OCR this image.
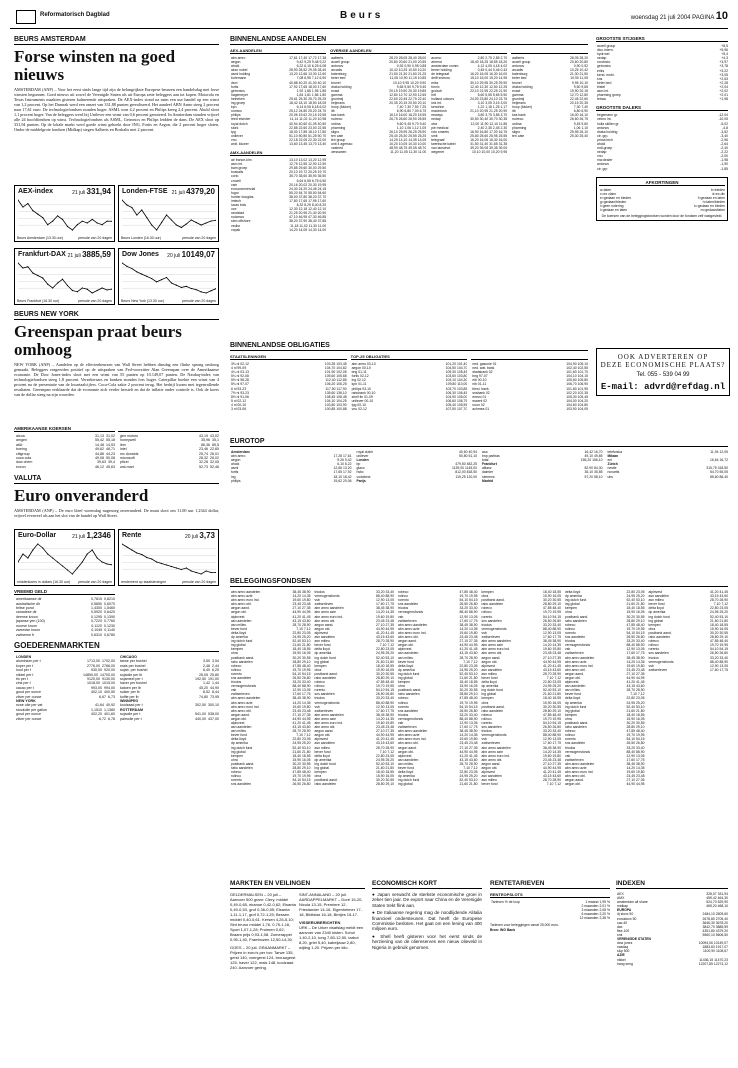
Reformatorisch Dagblad	Beurs	woensdag 21 juli 2004 PAGINA 10
BEURS AMSTERDAM
Forse winsten na goed nieuws
AMSTERDAM (ANP) – Voor het eerst sinds lange tijd zijn de belangrijkste Europese beurzen een handelsdag met forse winsten begonnen. Goed nieuws uit zowel de Verenigde Staten als uit Europa zette beleggers aan tot kopen. Motorola en Texas Instruments maakten gisteren kalmerende uitspraken. De AEX-index stond na ruim een uur handel op een winst van 1,2 procent. Op het Damrak werd een omzet van 331,88 punten gerealiseerd. Het aandeel ABN Amro steeg 2 procent naar 17,61 euro. De technologiefondsen stonden hoger. ASML won 4,2 procent en Philips kreeg 2,4 procent. Ahold sloot 1,1 procent hoger. Van de beleggers werd bij Unilever een winst van 0,6 procent genoteerd. In Amsterdam stonden vrijwel alle 24 hoofdfondsen op winst. Technologiefondsen als ASML, Getronics en Philips leidden de dans. De AEX sloot op 331,94 punten. Op de lokale markt werd goede winst geboekt door ING, Fortis en Aegon, die 2 procent hoger sloten. Onder de middelgrote fondsen (Midkap) stegen Aalberts en Boskalis met 2 procent.
AEX-index	21 juli 331,94
Beurs Amsterdam (13.30 uur)	periode van 20 dagen
Londen-FTSE 21 juli 4379,20
Beurs Londen (16.30 uur)	periode van 20 dagen
Frankfurt-DAX 21 juli 3885,59
Beurs Frankfurt (16.30 uur)	periode van 20 dagen
Dow Jones 20 juli 10149,07
Beurs New York (13.30 uur)	periode van 20 dagen
BEURS NEW YORK
Greenspan praat beurs omhoog
NEW YORK (ANP) – Aandelen op de effectenbeurzen van Wall Street hebben dinsdag een flinke sprong omhoog gemaakt. Beleggers reageerden positief op de uitspraken van Fed-voorzitter Alan Greenspan over de Amerikaanse economie. De Dow Jones-index sloot met een winst van 55 punten op 10.149,07 punten. De Nasdaq-index van technologiefondsen steeg 1,8 procent. Verzekeraars en banken stonden fors hoger. Caterpillar boekte een winst van 4 procent na de presentatie van de kwartaalcijfers. Coca-Cola zakte 2 procent terug. Het bedrijf kwam met tegenvallende resultaten. Greenspan verklaarde dat de economie zich verder herstelt en dat de inflatie onder controle is. Ook de koers van de dollar steeg na zijn woorden.
AMERIKAANSE KOERSEN
alcoa	31,13 31,02
amgen	55,42 55,18
at&t	14,48 14,53
boeing	49,62 48,71
citigroup	44,86 44,23
coca cola	49,08 50,08
dow chem	39,63 39,4
exxon	46,12 45,63

gen motors	43,19 43,02
honeywell	35,96 35,1
ibm	86,36 85,5
intel	23,46 22,65
mc donalds	25,74 26,01
microsoft	28,32 28,02
pfizer	32,28 32,05
wal-mart	52,73 52,46
VALUTA
Euro onveranderd
AMSTERDAM (ANP) – De euro bleef woensdag nagenoeg onveranderd. De munt sloot om 11.00 uur 1,2344 dollar, vrijwel evenveel als aan het slot van de handel op Wall Street.
Euro-Dollar	21 juli 1,2346
middenkoers in dollars (16.30 uur) periode van 20 dagen
Rente	20 juli 3,73
rendement op staatsleningen	periode van 20 dagen
VREEMD GELD
amerikaanse dlr	0,7815 0,8210
australische dlr	0,5650 0,6070
britse pond	1,4300 1,5460
canadese dlr	0,5920 0,6420
deense kroon	0,1295 0,1390
japanse yen (100)	0,7220 0,7760
noorse kroon	0,1120 0,1230
zweedse kroon	0,1045 0,1140
zwitserse fr	0,6310 0,6780
GOEDERENMARKTEN
LONDEN
aluminium per t	1713,00 1702,00
koper per t	2776,00 2766,00
lood per t	930,00 920,00
nikkel per t	14850,00 14700,00
tin per t	9120,00 9130,00
zink per t	1018,00 1015,00
cacao per t	993,00 994,00
goud per ounce	402,10 400,50
zilver per ounce	6,67 6,73
NEW YORK
ruwe olie per vat	41,64 40,92
stookolie per gallon	1,1510 1,1380
goud per ounce	402,20 401,60
zilver per ounce	6,72 6,78
CHICAGO
tarwe per bushel	3,50 3,54
mais per bushel	2,46 2,44
sojab. per bushel	6,40 6,25
sojaolie per lb	26,05 25,80
sojameel per t	192,50 191,00
haver per bushel	1,42 1,44
katoen per lb	45,20 44,90
suiker per lb	8,52 8,44
koffie per lb	74,80 73,95
WINNIPEG
koolzaad per t	302,50 300,10
ROTTERDAM
sojaolie per t	541,00 538,00
palmolie per t	440,00 437,00
BINNENLANDSE AANDELEN
AEX-AANDELEN
abn amro	17,61 17,40 17,72 17,38
aegon	9,42 9,25 9,48 9,22
ahold	6,22 6,10 6,25 6,08
akzo nobel	28,90 28,52 29,05 28,40
asml holding	13,20 12,66 13,30 12,60
buhrmann	7,08 6,95 7,12 6,90
dsm	40,88 40,20 41,00 40,10
fortis	17,92 17,65 18,00 17,60
getronics	1,92 1,86 1,95 1,85
hagemeyer	1,84 1,81 1,86 1,80
heineken	25,61 25,30 25,70 25,25
ing groep	18,42 18,10 18,50 18,05
kpn	6,14 6,05 6,18 6,02
numico	25,12 24,80 25,20 24,70
philips	20,06 19,62 20,15 19,55
reed elsevier	11,14 11,02 11,20 10,98
royal dutch	40,94 40,60 41,05 40,50
stork	22,85 22,60 23,00 22,55
tpg	18,00 17,85 18,10 17,80
unilever	51,10 50,80 51,25 50,70
vnu	22,18 22,05 22,30 22,00
wolt. kluwer	13,60 13,45 13,70 13,40
AMX-AANDELEN
air france-klm	13,10 13,02 13,20 12,95
asm int.	12,75 12,55 12,90 12,50
bam groep	29,85 29,60 30,00 29,50
boskalis	20,10 19,72 20,25 19,70
corio	35,70 35,60 35,90 35,50
crucell	6,64 6,55 6,75 6,50
csm	20,16 20,02 20,30 19,95
eurocommercial	24,30 24,20 24,45 24,15
fugro	55,20 54,70 55,50 54,60
hunter douglas	38,00 37,80 38,20 37,70
imtech	17,80 17,65 17,95 17,60
lucas bols	8,32 8,25 8,40 8,20
oce	12,30 12,18 12,40 12,10
randstad	21,25 20,95 21,40 20,90
rodamco	47,10 46,95 47,30 46,85
sbm offshore	38,20 37,90 38,40 37,85
vedior	11,18 11,02 11,30 11,00
vopak	14,20 14,05 14,30 14,00
OVERIGE AANDELEN
aalberts	28,20 28,05 28,40 28,00
accell group	20,80 20,60 21,00 20,55
antonov	0,92 0,90 0,95 0,88
arcadis	10,42 10,25 10,50 10,20
batenburg	21,50 21,30 21,60 21,25
beter bed	11,05 10,90 11,15 10,85
brunel	10,10 9,95 10,20 9,90
draka holding	9,65 9,50 9,75 9,45
exact	20,15 19,90 20,30 19,85
gamma	12,80 12,70 12,90 12,65
grontmij	22,60 22,45 22,75 22,40
heijmans	20,35 20,15 20,50 20,10
hoop (fokker)	7,40 7,30 7,50 7,25
itb	6,90 6,80 7,00 6,75
kas bank	16,10 16,00 16,20 15,95
nutreco	26,75 26,60 26,90 26,55
ordina	9,60 9,45 9,70 9,40
pharming	1,10 1,06 1,12 1,05
sligro	26,10 25,95 26,25 25,90
ten cate	25,40 25,30 25,55 25,25
tkh group	14,25 14,10 14,35 14,05
unit 4 agresso	10,20 10,05 10,30 10,00
vastned	48,90 48,75 49,05 48,70
wessanen	11,20 11,05 11,30 11,00

acomo	2,80 2,75 2,85 2,70
ahrend	18,40 18,25 18,55 18,20
amsterdam comm.	4,12 4,05 4,18 4,02
bever holding	0,45 0,44 0,46 0,43
de telegraaf	16,20 16,05 16,30 16,00
delft instrum.	15,10 15,00 15,20 14,95
eriks	30,10 29,95 30,25 29,90
fornix	12,40 12,30 12,50 12,25
grolsch	22,10 21,95 22,25 21,90
hitt	5,60 5,55 5,65 5,50
holland colours	24,00 23,80 24,10 23,75
icts int.	3,10 3,05 3,15 3,00
kendrion	1,22 1,18 1,25 1,17
macintosh	21,10 20,95 21,25 20,90
neways	3,80 3,75 3,85 3,70
nedap	30,50 30,40 30,70 30,35
otra	12,00 11,90 12,10 11,85
pie medical	2,40 2,35 2,45 2,30
roto smeets	16,90 16,80 17,00 16,75
smit	25,80 25,60 25,95 25,55
telegraaf	16,20 16,05 16,30 16,00
twentsche kabel	31,50 31,40 31,65 31,35
van lanschot	39,20 39,05 39,35 39,00
wegener	10,10 10,00 10,20 9,95

aalberts	28,05 28,20
accell group	20,60 20,80
antonov	0,90 0,92
arcadis	10,25 10,42
batenburg	21,30 21,50
beter bed	10,90 11,05
brunel	9,95 10,10
draka holding	9,50 9,65
exact	19,90 20,15
gamma	12,70 12,80
grontmij	22,45 22,60
heijmans	20,15 20,35
hoop (fokker)	7,30 7,40
itb	6,80 6,90
kas bank	16,00 16,10
nutreco	26,60 26,75
ordina	9,45 9,60
pharming	1,06 1,10
sligro	25,95 26,10
ten cate	25,30 25,40
GROOTSTE STIJGERS
accell group	+8,5
dico intern.	+5,96
hydr.wel	+5,4
nedap	+4,3
roodmicr.	+3,97
getronics	+3,78
eriks	+3,22
kend. mobi.	+3,05
sns	+2,63
beter bed	+2,28
tristel	+2,04
asm int.	+2,02
pharming groep	+2,01
tetraa	+1,98
GROOTSTE DALERS
begemann gr.	-12,04
velcro int.	-10,05
holla skillen gr.	-5,02
antonov	-4,8
draka holding	-3,52
ctr. grp.	-3,40
prima tech	-2,96
ahold	-2,64
mdl-groep	-2,40
nedap	-2,22
vnu	-2,00
mw.dealer	-1,98
antonov	-1,90
ctr. grp	-1,85
AFKORTINGEN
a=laten	b=bieden
c=ex claim	d=ex-div
e=gedaan en bieden	f=gedaan en laten
g=gedaan/bieden	h=laten/bieden
i=geen notering	k=gedaan en bieden
l=gedaan en laten	m=gedaan/laten
De koersen van de beleggingsfondsen worden door de fondsen zelf vastgesteld.
OOK ADVERTEREN OP
DEZE ECONOMISCHE PLAATS?
Tel. 055 - 539 04 99
E-mail: advrd@refdag.nl
BINNENLANDSE OBLIGATIES
STAATSLENINGEN
3¾ nl 02-12	103,35 103,45
4 nl 99-09	104,70 104,82
4¼ nl 03-13	101,90 102,05
5¼ nl 92-08	105,60 105,68
5½ nl 98-28	112,40 112,85
5¾ nl 97-07	106,20 106,25
6 nl 93-23	117,50 117,90
7½ nl 93-23	135,60 136,10
8½ nl 91-06	108,45 108,48
5 nl 02-12	104,10 104,25
4 nl 00-10	103,80 103,90
3 nl 03-06	100,85 100,88
TOP-25 OBLIGATIES
abn amro 03-13	101,20 101,40
aegon 00-10	104,50 104,70
bng 01-11	105,30 105,45
fortis 02-12	103,60 103,80
ing 02-12	104,10 104,30
kpn 01-11	109,80 110,00
philips 03-10	103,70 103,85
rabobank 00-10	106,30 106,45
shell fin 01-09	104,90 105,00
unilever 00-10	106,60 106,75
tpg 00-10	105,40 105,55
vnu 02-12	107,50 107,70

ned. gasunie 01	104,90 105,10
ned. wat. bank	102,40 102,55
stadsbank 02	101,60 101,70
bng 97-07	104,10 104,15
eib 00-10	105,60 105,80
nib 01-11	106,70 106,90
friesl. bank	101,80 101,95
snsbank 02	102,20 102,35
eneco 01	105,30 105,45
essent 02	104,00 104,20
nuon 02	104,60 104,80
achmea 01	103,90 104,05
EUROTOP
Amsterdam
abn amro	17,28 17,61
aegon	9,26 9,42
ahold	6,10 6,22
asml	12,66 13,20
fortis	17,65 17,92
ing	18,10 18,42
philips	19,62 20,06
royal dutch	40,60 40,94
unilever	50,80 51,10
Londen
bp	479,50 482,25
glaxo	1139,00 1145,00
hsbc	812,00 818,50
vodafone	119,25 120,00
Parijs
axa	16,42 16,70
bnp paribas	49,10 49,85
total	155,20 156,10
Frankfurt
allianz	82,90 84,30
daimler	35,10 35,85
siemens	57,20 58,10
Madrid
telefonica	11,94 12,05
Milaan
eni	16,64 16,72
Zürich
nestle	315,75 318,50
novartis	54,70 55,05
ubs	85,60 86,40
BELEGGINGSFONDSEN
abn amro aandelen	38,45 38,90
abn amro azie	14,20 14,35
abn amro euro ind.	19,60 19,80
abn amro obl.	23,45 23,48
aegon aand.	27,10 27,35
aegon obl.	44,90 44,95
alpinvest	41,20 41,45
asn aandelen	43,15 43,60
asn milieu	28,70 28,90
bever fund	7,10 7,12
delta lloyd	22,80 23,05
dp amerika	24,95 25,20
ing dutch fund	52,40 53,10
ing global	21,60 21,80
kempen	18,40 18,55
ohra	15,90 16,05
postbank aand.	30,20 30,55
rabo aandelen	28,80 29,10
robeco	47,85 48,40
rolinco	19,70 19,95
rorento	54,10 54,15
sns aandelen	26,50 26,80
triodos	33,20 33,40
vermogensfonds	88,40 88,90
vsb	12,90 13,05
zwitserleven	17,60 17,75
abn amro aandelen	38,45 38,90
abn amro azie	14,20 14,35
abn amro euro ind.	19,60 19,80
abn amro obl.	23,45 23,48
aegon aand.	27,10 27,35
aegon obl.	44,90 44,95
alpinvest	41,20 41,45
asn aandelen	43,15 43,60
asn milieu	28,70 28,90
bever fund	7,10 7,12
delta lloyd	22,80 23,05
dp amerika	24,95 25,20
ing dutch fund	52,40 53,10
ing global	21,60 21,80
kempen	18,40 18,55
ohra	15,90 16,05
postbank aand.	30,20 30,55
rabo aandelen	28,80 29,10
robeco	47,85 48,40
rolinco	19,70 19,95
rorento	54,10 54,15
sns aandelen	26,50 26,80
triodos	33,20 33,40
vermogensfonds	88,40 88,90
vsb	12,90 13,05
zwitserleven	17,60 17,75
abn amro aandelen	38,45 38,90
abn amro azie	14,20 14,35
abn amro euro ind.	19,60 19,80
abn amro obl.	23,45 23,48
aegon aand.	27,10 27,35
aegon obl.	44,90 44,95
alpinvest	41,20 41,45
asn aandelen	43,15 43,60
asn milieu	28,70 28,90
bever fund	7,10 7,12
delta lloyd	22,80 23,05
dp amerika	24,95 25,20
ing dutch fund	52,40 53,10
ing global	21,60 21,80
kempen	18,40 18,55
ohra	15,90 16,05
postbank aand.	30,20 30,55
rabo aandelen	28,80 29,10
robeco	47,85 48,40
rolinco	19,70 19,95
rorento	54,10 54,15
sns aandelen	26,50 26,80
triodos	33,20 33,40
vermogensfonds	88,40 88,90
vsb	12,90 13,05
zwitserleven	17,60 17,75
abn amro aandelen	38,45 38,90
abn amro azie	14,20 14,35
abn amro euro ind.	19,60 19,80
abn amro obl.	23,45 23,48
aegon aand.	27,10 27,35
aegon obl.	44,90 44,95
alpinvest	41,20 41,45
asn aandelen	43,15 43,60
asn milieu	28,70 28,90
bever fund	7,10 7,12
delta lloyd	22,80 23,05
dp amerika	24,95 25,20
ing dutch fund	52,40 53,10
ing global	21,60 21,80
kempen	18,40 18,55
ohra	15,90 16,05
postbank aand.	30,20 30,55
rabo aandelen	28,80 29,10
robeco	47,85 48,40
rolinco	19,70 19,95
rorento	54,10 54,15
sns aandelen	26,50 26,80
triodos	33,20 33,40
vermogensfonds	88,40 88,90
vsb	12,90 13,05
zwitserleven	17,60 17,75
abn amro aandelen	38,45 38,90
abn amro azie	14,20 14,35
abn amro euro ind.	19,60 19,80
abn amro obl.	23,45 23,48
aegon aand.	27,10 27,35
aegon obl.	44,90 44,95
alpinvest	41,20 41,45
asn aandelen	43,15 43,60
asn milieu	28,70 28,90
bever fund	7,10 7,12
delta lloyd	22,80 23,05
dp amerika	24,95 25,20
ing dutch fund	52,40 53,10
ing global	21,60 21,80
kempen	18,40 18,55
ohra	15,90 16,05
postbank aand.	30,20 30,55
rabo aandelen	28,80 29,10
robeco	47,85 48,40
rolinco	19,70 19,95
rorento	54,10 54,15
sns aandelen	26,50 26,80
triodos	33,20 33,40
vermogensfonds	88,40 88,90
vsb	12,90 13,05
zwitserleven	17,60 17,75
abn amro aandelen	38,45 38,90
abn amro azie	14,20 14,35
abn amro euro ind.	19,60 19,80
abn amro obl.	23,45 23,48
aegon aand.	27,10 27,35
aegon obl.	44,90 44,95
alpinvest	41,20 41,45
asn aandelen	43,15 43,60
asn milieu	28,70 28,90
bever fund	7,10 7,12
delta lloyd	22,80 23,05
dp amerika	24,95 25,20
ing dutch fund	52,40 53,10
ing global	21,60 21,80
kempen	18,40 18,55
ohra	15,90 16,05
postbank aand.	30,20 30,55
rabo aandelen	28,80 29,10
robeco	47,85 48,40
rolinco	19,70 19,95
rorento	54,10 54,15
sns aandelen	26,50 26,80
triodos	33,20 33,40
vermogensfonds	88,40 88,90
vsb	12,90 13,05
zwitserleven	17,60 17,75
abn amro aandelen	38,45 38,90
abn amro azie	14,20 14,35
abn amro euro ind.	19,60 19,80
abn amro obl.	23,45 23,48
aegon aand.	27,10 27,35
aegon obl.	44,90 44,95
alpinvest	41,20 41,45
asn aandelen	43,15 43,60
asn milieu	28,70 28,90
bever fund	7,10 7,12
delta lloyd	22,80 23,05
dp amerika	24,95 25,20
ing dutch fund	52,40 53,10
ing global	21,60 21,80
kempen	18,40 18,55
ohra	15,90 16,05
postbank aand.	30,20 30,55
rabo aandelen	28,80 29,10
robeco	47,85 48,40
rolinco	19,70 19,95
rorento	54,10 54,15
sns aandelen	26,50 26,80
triodos	33,20 33,40
vermogensfonds	88,40 88,90
vsb	12,90 13,05
zwitserleven	17,60 17,75
abn amro aandelen	38,45 38,90
abn amro azie	14,20 14,35
abn amro euro ind.	19,60 19,80
abn amro obl.	23,45 23,48
aegon aand.	27,10 27,35
aegon obl.	44,90 44,95
alpinvest	41,20 41,45
asn aandelen	43,15 43,60
asn milieu	28,70 28,90
bever fund	7,10 7,12
delta lloyd	22,80 23,05
dp amerika	24,95 25,20
ing dutch fund	52,40 53,10
ing global	21,60 21,80
kempen	18,40 18,55
ohra	15,90 16,05
postbank aand.	30,20 30,55
rabo aandelen	28,80 29,10
robeco	47,85 48,40
rolinco	19,70 19,95
rorento	54,10 54,15
sns aandelen	26,50 26,80
triodos	33,20 33,40
vermogensfonds	88,40 88,90
vsb	12,90 13,05
zwitserleven	17,60 17,75
abn amro aandelen	38,45 38,90
abn amro azie	14,20 14,35
abn amro euro ind.	19,60 19,80
abn amro obl.	23,45 23,48
aegon aand.	27,10 27,35
aegon obl.	44,90 44,95
alpinvest	41,20 41,45
asn aandelen	43,15 43,60
asn milieu	28,70 28,90
bever fund	7,10 7,12
delta lloyd	22,80 23,05
dp amerika	24,95 25,20
ing dutch fund	52,40 53,10
ing global	21,60 21,80
kempen	18,40 18,55
ohra	15,90 16,05
postbank aand.	30,20 30,55
rabo aandelen	28,80 29,10
robeco	47,85 48,40
rolinco	19,70 19,95
rorento	54,10 54,15
sns aandelen	26,50 26,80
triodos	33,20 33,40
vermogensfonds	88,40 88,90
vsb	12,90 13,05
zwitserleven	17,60 17,75
abn amro aandelen	38,45 38,90
abn amro azie	14,20 14,35
abn amro euro ind.	19,60 19,80
abn amro obl.	23,45 23,48
aegon aand.	27,10 27,35
aegon obl.	44,90 44,95
alpinvest	41,20 41,45
asn aandelen	43,15 43,60
asn milieu	28,70 28,90
bever fund	7,10 7,12
delta lloyd	22,80 23,05
dp amerika	24,95 25,20
ing dutch fund	52,40 53,10
ing global	21,60 21,80
kempen	18,40 18,55
ohra	15,90 16,05
postbank aand.	30,20 30,55
rabo aandelen	28,80 29,10
robeco	47,85 48,40
rolinco	19,70 19,95
rorento	54,10 54,15
sns aandelen	26,50 26,80
triodos	33,20 33,40
vermogensfonds	88,40 88,90
vsb	12,90 13,05
zwitserleven	17,60 17,75
MARKTEN EN VEILINGEN
GELDERMALSEN – 20 juli – Aanvoer 500 gram: Clery, middel 0,49-0,65, ekanoe 0,42-0,62; Elsanta 0,49-0,53, grof 0,36-0,55; Elsanta 1,11-1,17, grof 0,72-1,25; Bessen middel 0,40-0,61. Kersen 4,25-5,10; Sint bruno middel 1,76, 0,75-1,16, Sport 1,07-1,28; Pruimen 0,62; Braam prijs 0,93-1,08. Zomerappel 0,95-1,40, Frambozen 12,50-14,30.
GOES – 20 juli. GRAANMARKT – Prijzen in euro's per ton: Tarwe 135, gerst 140, voergerst 124, brouwgerst 125, haver 122, mais 148, koolzaad 240. Aanvoer gering.
SINT-ANNALAND – 20 juli. AARDAPPELMARKT – Doré 15-20, Nicola 13-15, Premiere 12, Frieslander 14-16, Eigenheimer 17-18, Bildtstar 16-18, Bintjes 15-17.
VISSERIJBERICHTEN
URK – De Urker visafslag meldt een aanvoer van 2340 kisten. Schol 1,40-2,10, tong 7,80-12,50, tarbot 8,20, griet 5,40, kabeljauw 2,80, wijting 1,20. Prijzen per kilo.
ECONOMISCH KORT
● Japan verwacht de sterkste economische groei in zeker tien jaar. De export naar China en de Verenigde Staten trekt flink aan.
● De Italiaanse regering mag de noodlijdende Alitalia financieel ondersteunen. Dat heeft de Europese Commissie besloten. Het gaat om een lening van 400 miljoen euro.
● Shell heeft gisteren voor het eerst sinds de herziening van de oliereserves een nieuw olieveld in Nigeria in gebruik genomen.
RENTETARIEVEN
RENTEOPSLOTS
Tarieven % de loop	1 maand 1,99 %
2 maanden 2,01 %
3 maanden 2,08 %
6 maanden 2,20 %
12 maanden 2,38 %
Tarieven voor beleggingen vanaf 25.000 euro.
Bron: ING Bank
INDEXEN
AEX	328,07 331,94
AMX	459,42 464,30
amsterdam all share	524,70 529,90
midkap	465,20 468,10
EUROPA
dj stoxx 50	2484,10 2505,60
eurostoxx 50	2678,80 2705,40
cac-40	3646,30 3678,20
dax	3842,70 3885,59
ftse-100	4351,80 4379,20
smi	5560,10 5606,50
VERENIGDE STATEN
dow jones	10094,06 10149,07
nasdaq	1883,83 1917,07
s&p 500	1100,90 1108,67
AZIE
nikkei	11436,15 11470,23
hang seng	12207,85 12274,12
